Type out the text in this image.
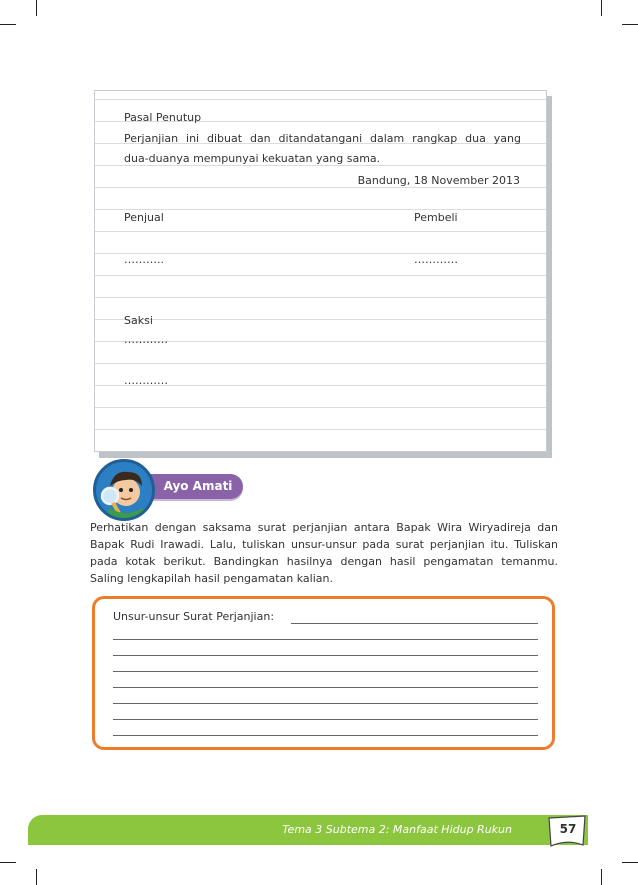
Pasal Penutup
Perjanjian ini dibuat dan ditandatangani dalam rangkap dua yang
dua-duanya mempunyai kekuatan yang sama.
Bandung, 18 November 2013
Penjual	Pembeli
………..	…………
Saksi
…………
…………
Ayo Amati
Perhatikan dengan saksama surat perjanjian antara Bapak Wira Wiryadireja dan
Bapak Rudi Irawadi. Lalu, tuliskan unsur-unsur pada surat perjanjian itu. Tuliskan
pada kotak berikut. Bandingkan hasilnya dengan hasil pengamatan temanmu.
Saling lengkapilah hasil pengamatan kalian.
Unsur-unsur Surat Perjanjian:
Tema 3 Subtema 2: Manfaat Hidup Rukun	57
